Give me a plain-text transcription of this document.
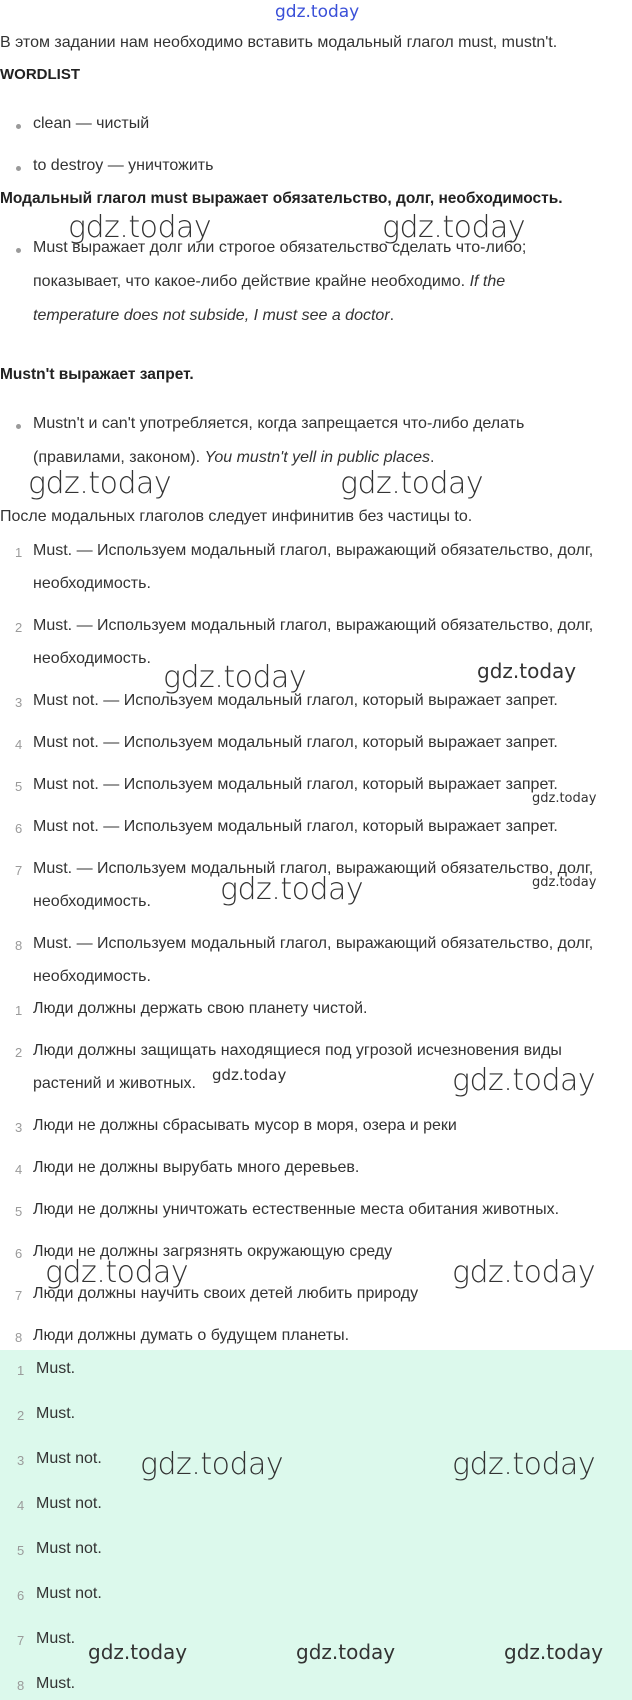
gdz.today
В этом задании нам необходимо вставить модальный глагол must, mustn't.
WORDLIST
clean — чистый
to destroy — уничтожить
Модальный глагол must выражает обязательство, долг, необходимость.
gdz.today	gdz.today
Must выражает долг или строгое обязательство сделать что-либо;
показывает, что какое-либо действие крайне необходимо. If the
temperature does not subside, I must see a doctor.
Mustn't выражает запрет.
Mustn't и can't употребляется, когда запрещается что-либо делать
(правилами, законом). You mustn't yell in public places.
gdz.today	gdz.today
После модальных глаголов следует инфинитив без частицы to.
1 Must. — Используем модальный глагол, выражающий обязательство, долг,
необходимость.
2 Must. — Используем модальный глагол, выражающий обязательство, долг,
необходимость.
3 Must not. — Используем модальный глагол, который выражает запрет.
4 Must not. — Используем модальный глагол, который выражает запрет.
5 Must not. — Используем модальный глагол, который выражает запрет.
6 Must not. — Используем модальный глагол, который выражает запрет.
7 Must. — Используем модальный глагол, выражающий обязательство, долг,
необходимость.
8 Must. — Используем модальный глагол, выражающий обязательство, долг,
необходимость.
gdz.today	gdz.today
gdz.today
gdz.today	gdz.today
1 Люди должны держать свою планету чистой.
2 Люди должны защищать находящиеся под угрозой исчезновения виды
растений и животных.
3 Люди не должны сбрасывать мусор в моря, озера и реки
4 Люди не должны вырубать много деревьев.
5 Люди не должны уничтожать естественные места обитания животных.
6 Люди не должны загрязнять окружающую среду
7 Люди должны научить своих детей любить природу
8 Люди должны думать о будущем планеты.
gdz.today	gdz.today
gdz.today	gdz.today
1 Must.
2 Must.
3 Must not.
4 Must not.
5 Must not.
6 Must not.
7 Must.
8 Must.
gdz.today	gdz.today
gdz.today	gdz.today	gdz.today
